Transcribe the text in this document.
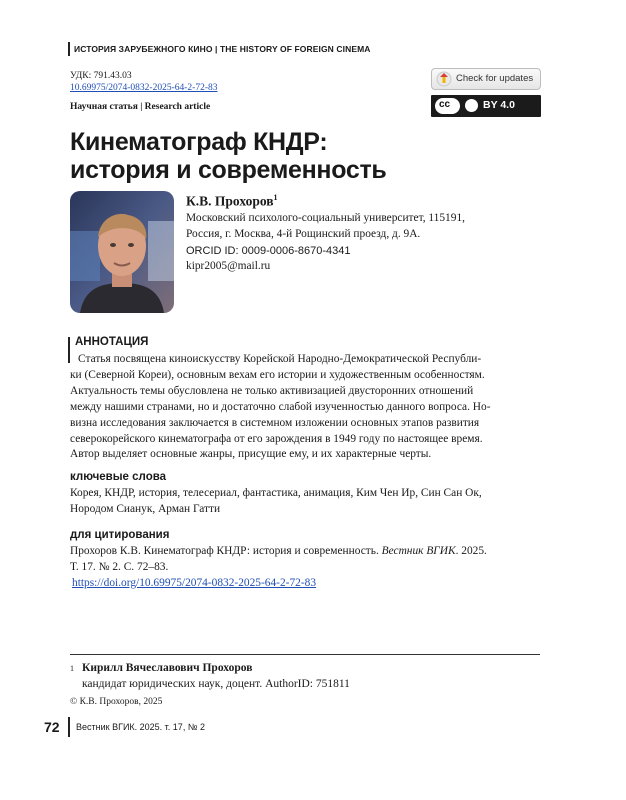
ИСТОРИЯ ЗАРУБЕЖНОГО КИНО | THE HISTORY OF FOREIGN CINEMA
УДК: 791.43.03
10.69975/2074-0832-2025-64-2-72-83
Научная статья | Research article
Check for updates
cc	BY 4.0
Кинематограф КНДР:
история и современность
К.В. Прохоров$^1$
Московский психолого-социальный университет, 115191,
Россия, г. Москва, 4-й Рощинский проезд, д. 9А.
ORCID ID: 0009-0006-8670-4341
kipr2005@mail.ru
АННОТАЦИЯ
Статья посвящена киноискусству Корейской Народно-Демократической Республи-
ки (Северной Кореи), основным вехам его истории и художественным особенностям.
Актуальность темы обусловлена не только активизацией двусторонних отношений
между нашими странами, но и достаточно слабой изученностью данного вопроса. Но-
визна исследования заключается в системном изложении основных этапов развития
северокорейского кинематографа от его зарождения в 1949 году по настоящее время.
Автор выделяет основные жанры, присущие ему, и их характерные черты.
ключевые слова
Корея, КНДР, история, телесериал, фантастика, анимация, Ким Чен Ир, Син Сан Ок,
Нородом Сианук, Арман Гатти
для цитирования
Прохоров К.В. Кинематограф КНДР: история и современность. Вестник ВГИК. 2025.
Т. 17. № 2. С. 72–83.
https://doi.org/10.69975/2074-0832-2025-64-2-72-83
1 Кирилл Вячеславович Прохоров
кандидат юридических наук, доцент. AuthorID: 751811
© К.В. Прохоров, 2025
72 Вестник ВГИК. 2025. т. 17, № 2
